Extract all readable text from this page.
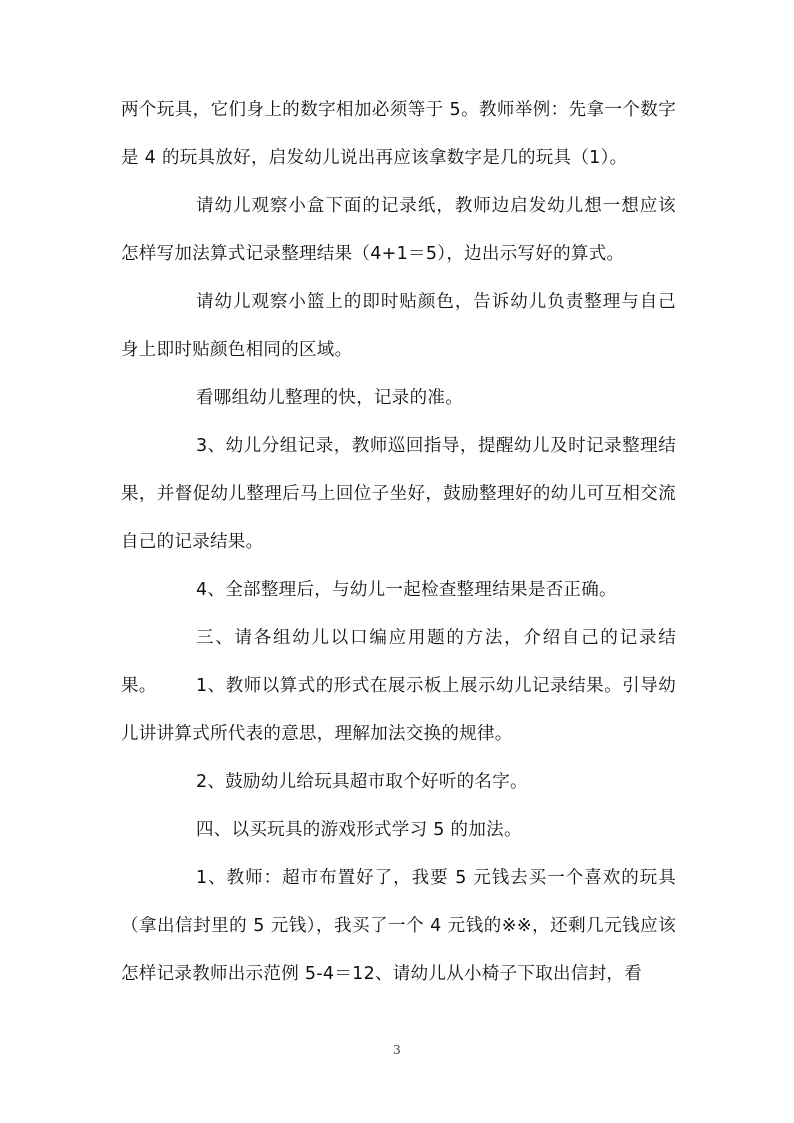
两个玩具，它们身上的数字相加必须等于 5。教师举例：先拿一个数字是 4 的玩具放好，启发幼儿说出再应该拿数字是几的玩具（1）。

请幼儿观察小盒下面的记录纸，教师边启发幼儿想一想应该怎样写加法算式记录整理结果（4+1＝5），边出示写好的算式。

请幼儿观察小篮上的即时贴颜色，告诉幼儿负责整理与自己身上即时贴颜色相同的区域。

看哪组幼儿整理的快，记录的准。

3、幼儿分组记录，教师巡回指导，提醒幼儿及时记录整理结果，并督促幼儿整理后马上回位子坐好，鼓励整理好的幼儿可互相交流自己的记录结果。

4、全部整理后，与幼儿一起检查整理结果是否正确。

三、请各组幼儿以口编应用题的方法，介绍自己的记录结果。	1、教师以算式的形式在展示板上展示幼儿记录结果。引导幼儿讲讲算式所代表的意思，理解加法交换的规律。

2、鼓励幼儿给玩具超市取个好听的名字。

四、以买玩具的游戏形式学习 5 的加法。

1、教师：超市布置好了，我要 5 元钱去买一个喜欢的玩具（拿出信封里的 5 元钱），我买了一个 4 元钱的※※，还剩几元钱应该怎样记录教师出示范例 5-4＝12、请幼儿从小椅子下取出信封，看

3
